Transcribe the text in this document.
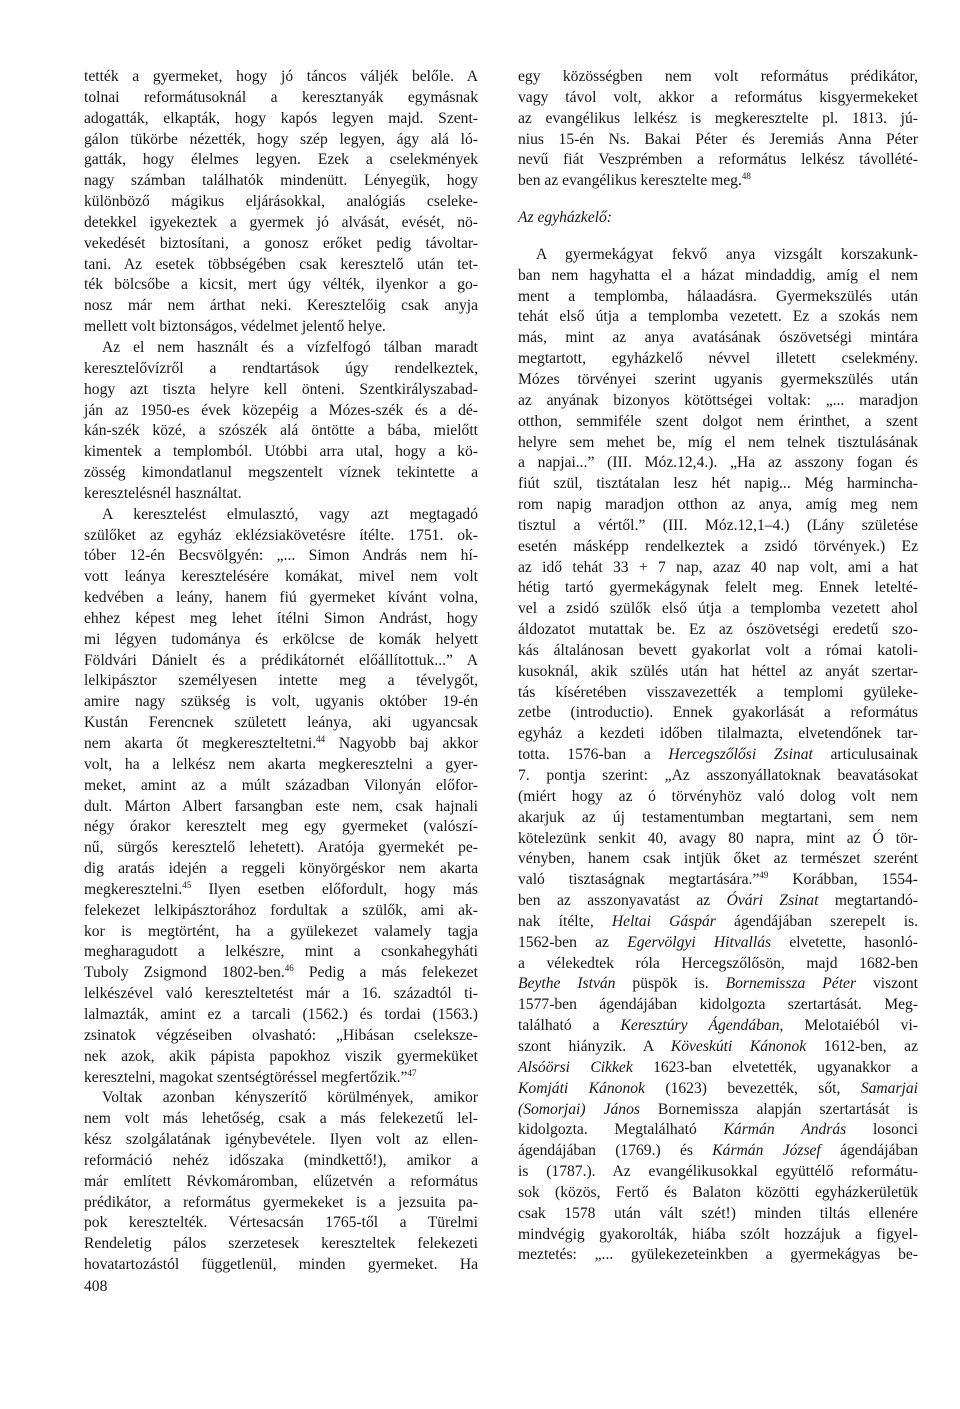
tették a gyermeket, hogy jó táncos váljék belőle. A
tolnai reformátusoknál a keresztanyák egymásnak
adogatták, elkapták, hogy kapós legyen majd. Szent-
gálon tükörbe nézették, hogy szép legyen, ágy alá ló-
gatták, hogy élelmes legyen. Ezek a cselekmények
nagy számban találhatók mindenütt. Lényegük, hogy
különböző mágikus eljárásokkal, analógiás cseleke-
detekkel igyekeztek a gyermek jó alvását, evését, nö-
vekedését biztosítani, a gonosz erőket pedig távoltar-
tani. Az esetek többségében csak keresztelő után tet-
ték bölcsőbe a kicsit, mert úgy vélték, ilyenkor a go-
nosz már nem árthat neki. Keresztelőig csak anyja
mellett volt biztonságos, védelmet jelentő helye.
Az el nem használt és a vízfelfogó tálban maradt
keresztelővízről a rendtartások úgy rendelkeztek,
hogy azt tiszta helyre kell önteni. Szentkirályszabad-
ján az 1950-es évek közepéig a Mózes-szék és a dé-
kán-szék közé, a szószék alá öntötte a bába, mielőtt
kimentek a templomból. Utóbbi arra utal, hogy a kö-
zösség kimondatlanul megszentelt víznek tekintette a
keresztelésnél használtat.
A keresztelést elmulasztó, vagy azt megtagadó
szülőket az egyház eklézsiakövetésre ítélte. 1751. ok-
tóber 12-én Becsvölgyén: „... Simon András nem hí-
vott leánya keresztelésére komákat, mivel nem volt
kedvében a leány, hanem fiú gyermeket kívánt volna,
ehhez képest meg lehet ítélni Simon Andrást, hogy
mi légyen tudománya és erkölcse de komák helyett
Földvári Dánielt és a prédikátornét előállítottuk...” A
lelkipásztor személyesen intette meg a tévelygőt,
amire nagy szükség is volt, ugyanis október 19-én
Kustán Ferencnek született leánya, aki ugyancsak
nem akarta őt megkereszteltetni.$^{44}$ Nagyobb baj akkor
volt, ha a lelkész nem akarta megkeresztelni a gyer-
meket, amint az a múlt században Vilonyán előfor-
dult. Márton Albert farsangban este nem, csak hajnali
négy órakor keresztelt meg egy gyermeket (valószí-
nű, sürgős keresztelő lehetett). Aratója gyermekét pe-
dig aratás idején a reggeli könyörgéskor nem akarta
megkeresztelni.$^{45}$ Ilyen esetben előfordult, hogy más
felekezet lelkipásztorához fordultak a szülők, ami ak-
kor is megtörtént, ha a gyülekezet valamely tagja
megharagudott a lelkészre, mint a csonkahegyháti
Tuboly Zsigmond 1802-ben.$^{46}$ Pedig a más felekezet
lelkészével való kereszteltetést már a 16. századtól ti-
lalmazták, amint ez a tarcali (1562.) és tordai (1563.)
zsinatok végzéseiben olvasható: „Hibásan cseleksze-
nek azok, akik pápista papokhoz viszik gyermeküket
keresztelni, magokat szentségtöréssel megfertőzik.”$^{47}$
Voltak azonban kényszerítő körülmények, amikor
nem volt más lehetőség, csak a más felekezetű lel-
kész szolgálatának igénybevétele. Ilyen volt az ellen-
reformáció nehéz időszaka (mindkettő!), amikor a
már említett Révkomáromban, elűzetvén a református
prédikátor, a református gyermekeket is a jezsuita pa-
pok keresztelték. Vértesacsán 1765-től a Türelmi
Rendeletig pálos szerzetesek kereszteltek felekezeti
hovatartozástól függetlenül, minden gyermeket. Ha
egy közösségben nem volt református prédikátor,
vagy távol volt, akkor a református kisgyermekeket
az evangélikus lelkész is megkeresztelte pl. 1813. jú-
nius 15-én Ns. Bakai Péter és Jeremiás Anna Péter
nevű fiát Veszprémben a református lelkész távollété-
ben az evangélikus keresztelte meg.$^{48}$
Az egyházkelő:
A gyermekágyat fekvő anya vizsgált korszakunk-
ban nem hagyhatta el a házat mindaddig, amíg el nem
ment a templomba, hálaadásra. Gyermekszülés után
tehát első útja a templomba vezetett. Ez a szokás nem
más, mint az anya avatásának ószövetségi mintára
megtartott, egyházkelő névvel illetett cselekmény.
Mózes törvényei szerint ugyanis gyermekszülés után
az anyának bizonyos kötöttségei voltak: „... maradjon
otthon, semmiféle szent dolgot nem érinthet, a szent
helyre sem mehet be, míg el nem telnek tisztulásának
a napjai...” (III. Móz.12,4.). „Ha az asszony fogan és
fiút szül, tisztátalan lesz hét napig... Még harmincha-
rom napig maradjon otthon az anya, amíg meg nem
tisztul a vértől.” (III. Móz.12,1–4.) (Lány születése
esetén másképp rendelkeztek a zsidó törvények.) Ez
az idő tehát 33 + 7 nap, azaz 40 nap volt, ami a hat
hétig tartó gyermekágynak felelt meg. Ennek letelté-
vel a zsidó szülők első útja a templomba vezetett ahol
áldozatot mutattak be. Ez az ószövetségi eredetű szo-
kás általánosan bevett gyakorlat volt a római katoli-
kusoknál, akik szülés után hat héttel az anyát szertar-
tás kíséretében visszavezették a templomi gyüleke-
zetbe (introductio). Ennek gyakorlását a református
egyház a kezdeti időben tilalmazta, elvetendőnek tar-
totta. 1576-ban a Hercegszőlősi Zsinat articulusainak
7. pontja szerint: „Az asszonyállatoknak beavatásokat
(miért hogy az ó törvényhöz való dolog volt nem
akarjuk az új testamentumban megtartani, sem nem
kötelezünk senkit 40, avagy 80 napra, mint az Ó tör-
vényben, hanem csak intjük őket az természet szerént
való tisztaságnak megtartására.”$^{49}$ Korábban, 1554-
ben az asszonyavatást az Óvári Zsinat megtartandó-
nak ítélte, Heltai Gáspár ágendájában szerepelt is.
1562-ben az Egervölgyi Hitvallás elvetette, hasonló-
a vélekedtek róla Hercegszőlősön, majd 1682-ben
Beythe István püspök is. Bornemissza Péter viszont
1577-ben ágendájában kidolgozta szertartását. Meg-
található a Keresztúry Ágendában, Melotaiéból vi-
szont hiányzik. A Köveskúti Kánonok 1612-ben, az
Alsóörsi Cikkek 1623-ban elvetették, ugyanakkor a
Komjáti Kánonok (1623) bevezették, sőt, Samarjai
(Somorjai) János Bornemissza alapján szertartását is
kidolgozta. Megtalálható Kármán András losonci
ágendájában (1769.) és Kármán József ágendájában
is (1787.). Az evangélikusokkal együttélő reformátu-
sok (közös, Fertő és Balaton közötti egyházkerületük
csak 1578 után vált szét!) minden tiltás ellenére
mindvégig gyakorolták, hiába szólt hozzájuk a figyel-
meztetés: „... gyülekezeteinkben a gyermekágyas be-
408
